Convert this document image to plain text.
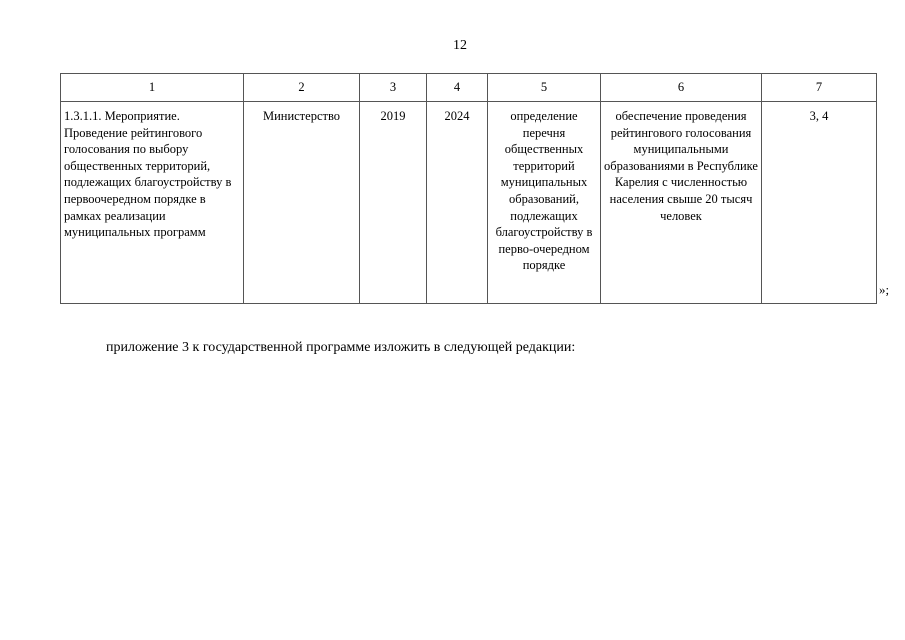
12
1	2	3	4	5	6	7
1.3.1.1. Мероприятие. Проведение рейтингового голосования по выбору общественных территорий, подлежащих благоустройству в первоочередном порядке в рамках реализации муниципальных программ	Министерство	2019	2024	определение перечня общественных территорий муниципальных образований, подлежащих благоустройству в перво-очередном порядке	обеспечение проведения рейтингового голосования муниципальными образованиями в Республике Карелия с численностью населения свыше 20 тысяч человек	3, 4
»;
приложение 3 к государственной программе изложить в следующей редакции:
